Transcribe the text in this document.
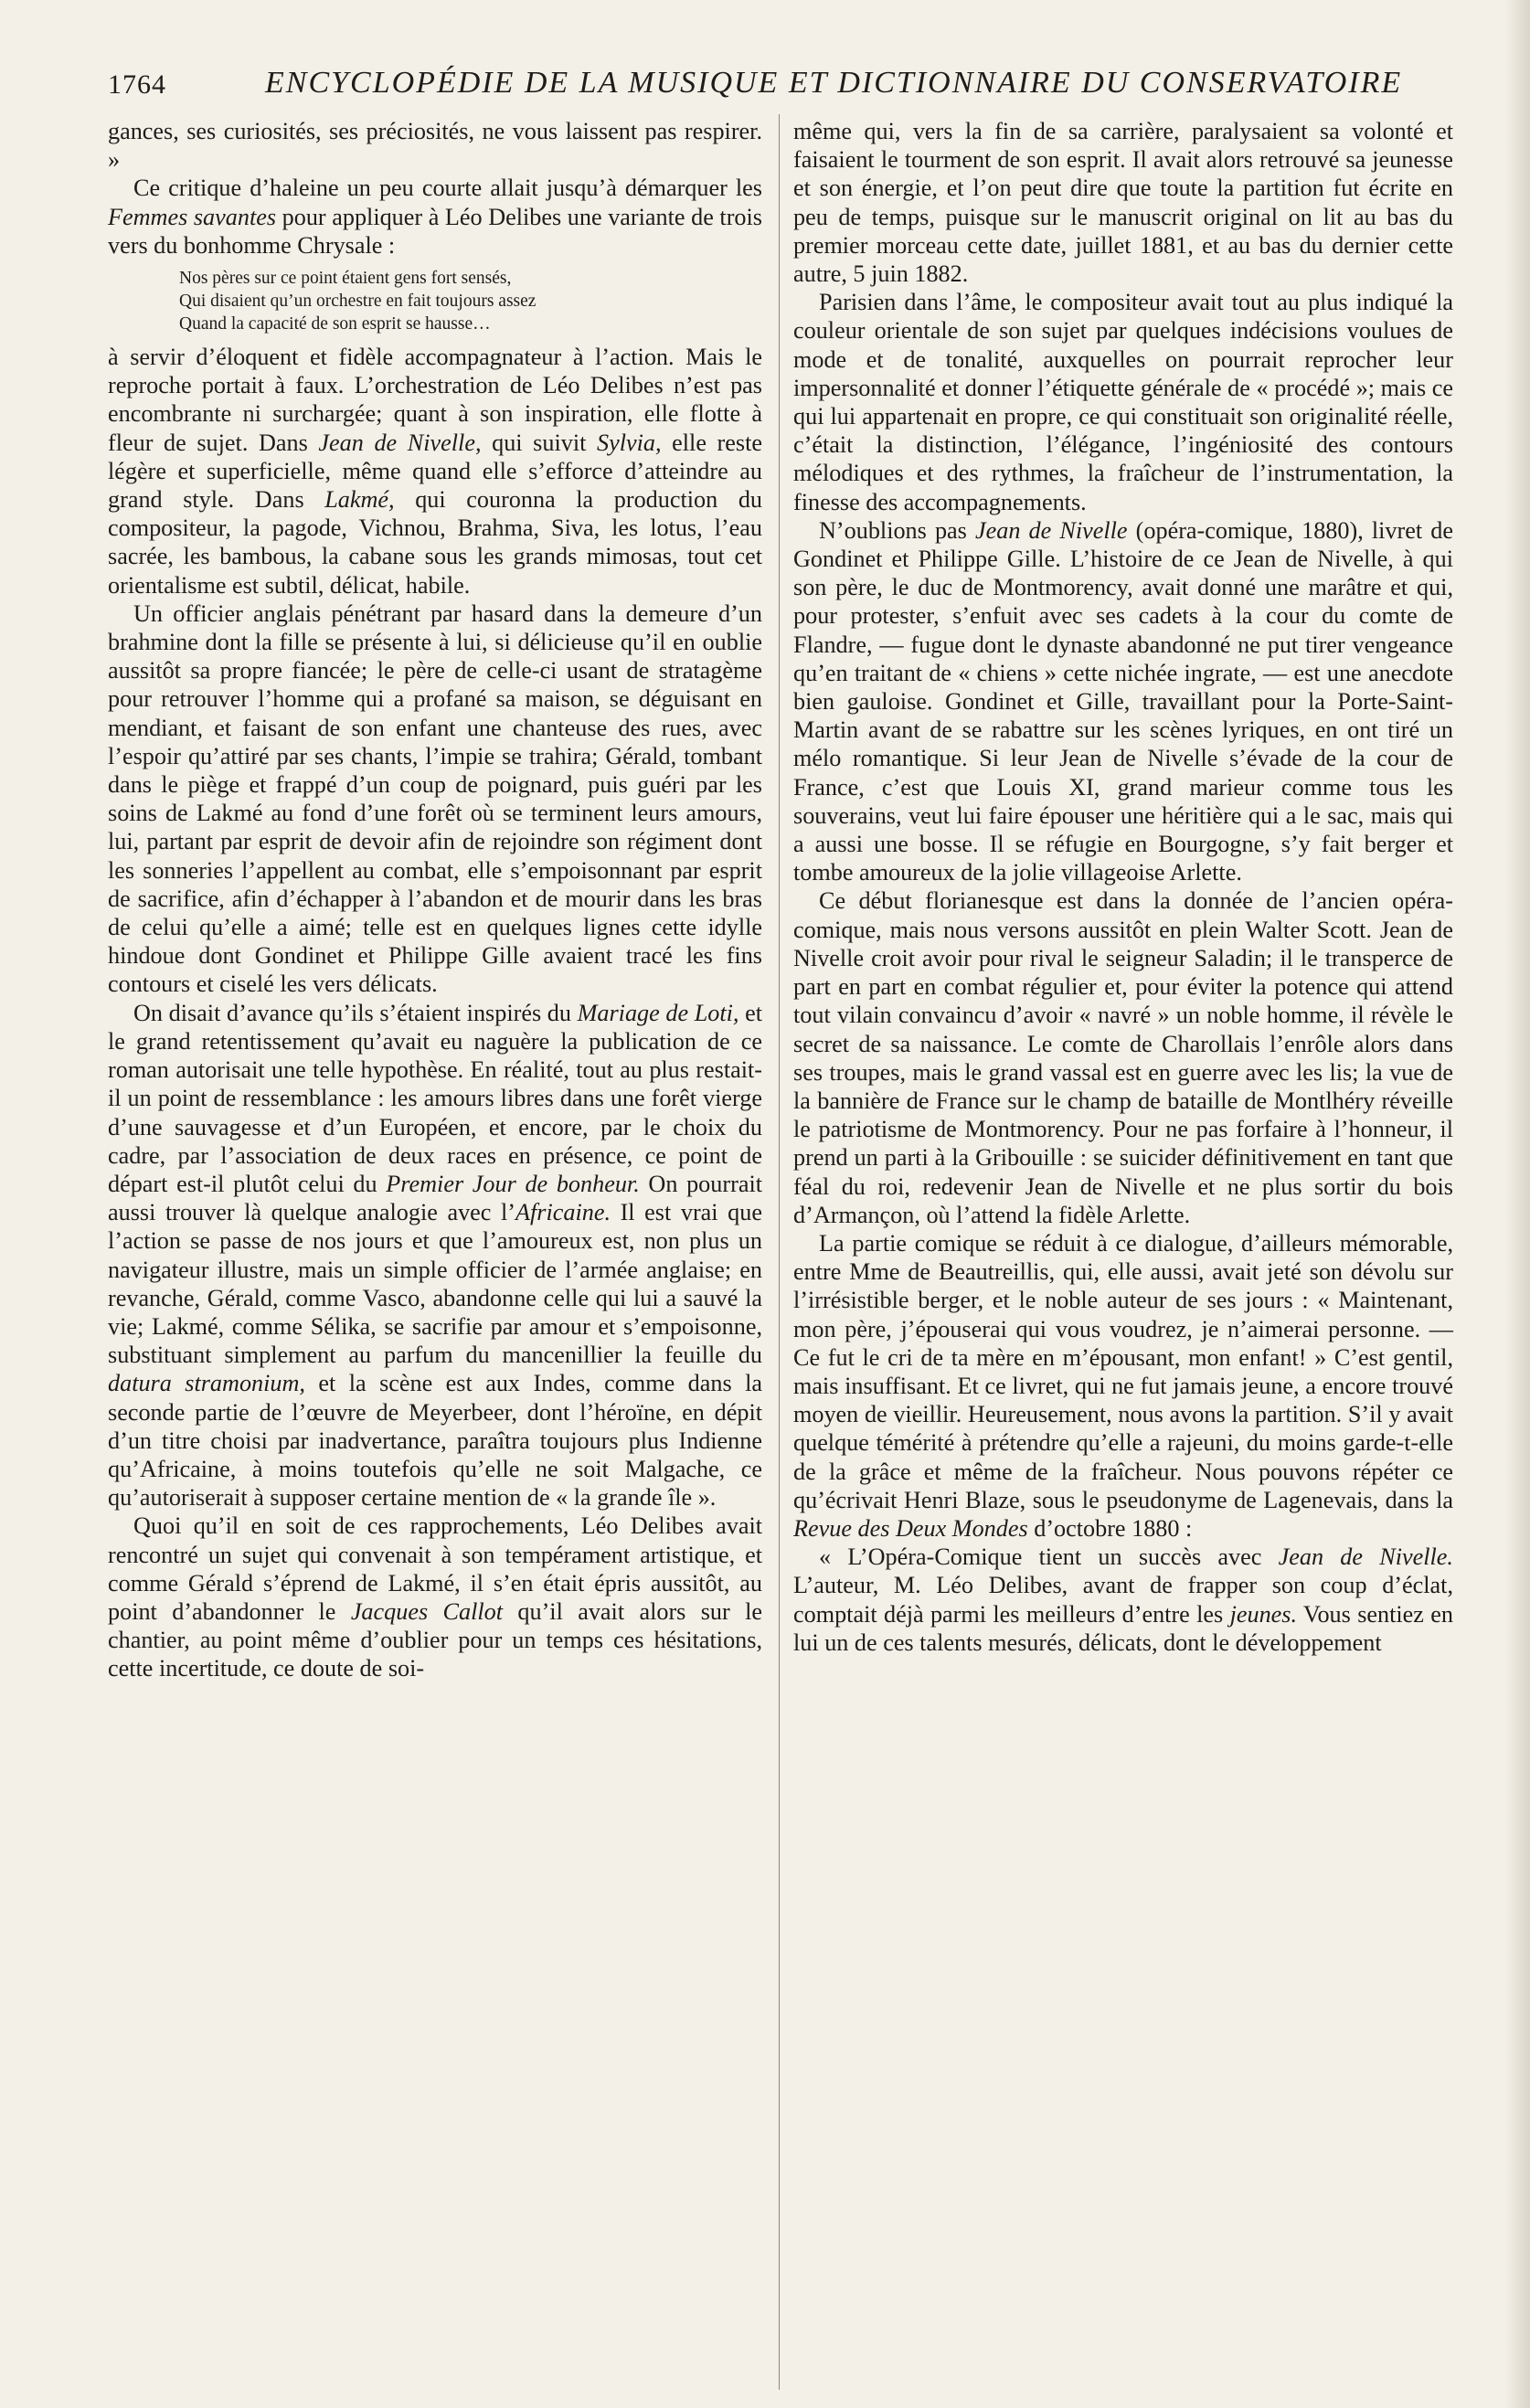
1764	ENCYCLOPÉDIE DE LA MUSIQUE ET DICTIONNAIRE DU CONSERVATOIRE

gances, ses curiosités, ses préciosités, ne vous laissent pas respirer. »

Ce critique d’haleine un peu courte allait jusqu’à démarquer les Femmes savantes pour appliquer à Léo Delibes une variante de trois vers du bonhomme Chrysale :

Nos pères sur ce point étaient gens fort sensés,
Qui disaient qu’un orchestre en fait toujours assez
Quand la capacité de son esprit se hausse…

à servir d’éloquent et fidèle accompagnateur à l’action. Mais le reproche portait à faux. L’orchestration de Léo Delibes n’est pas encombrante ni surchargée; quant à son inspiration, elle flotte à fleur de sujet. Dans Jean de Nivelle, qui suivit Sylvia, elle reste légère et superficielle, même quand elle s’efforce d’atteindre au grand style. Dans Lakmé, qui couronna la production du compositeur, la pagode, Vichnou, Brahma, Siva, les lotus, l’eau sacrée, les bambous, la cabane sous les grands mimosas, tout cet orientalisme est subtil, délicat, habile.

Un officier anglais pénétrant par hasard dans la demeure d’un brahmine dont la fille se présente à lui, si délicieuse qu’il en oublie aussitôt sa propre fiancée; le père de celle-ci usant de stratagème pour retrouver l’homme qui a profané sa maison, se déguisant en mendiant, et faisant de son enfant une chanteuse des rues, avec l’espoir qu’attiré par ses chants, l’impie se trahira; Gérald, tombant dans le piège et frappé d’un coup de poignard, puis guéri par les soins de Lakmé au fond d’une forêt où se terminent leurs amours, lui, partant par esprit de devoir afin de rejoindre son régiment dont les sonneries l’appellent au combat, elle s’empoisonnant par esprit de sacrifice, afin d’échapper à l’abandon et de mourir dans les bras de celui qu’elle a aimé; telle est en quelques lignes cette idylle hindoue dont Gondinet et Philippe Gille avaient tracé les fins contours et ciselé les vers délicats.

On disait d’avance qu’ils s’étaient inspirés du Mariage de Loti, et le grand retentissement qu’avait eu naguère la publication de ce roman autorisait une telle hypothèse. En réalité, tout au plus restait-il un point de ressemblance : les amours libres dans une forêt vierge d’une sauvagesse et d’un Européen, et encore, par le choix du cadre, par l’association de deux races en présence, ce point de départ est-il plutôt celui du Premier Jour de bonheur. On pourrait aussi trouver là quelque analogie avec l’Africaine. Il est vrai que l’action se passe de nos jours et que l’amoureux est, non plus un navigateur illustre, mais un simple officier de l’armée anglaise; en revanche, Gérald, comme Vasco, abandonne celle qui lui a sauvé la vie; Lakmé, comme Sélika, se sacrifie par amour et s’empoisonne, substituant simplement au parfum du mancenillier la feuille du datura stramonium, et la scène est aux Indes, comme dans la seconde partie de l’œuvre de Meyerbeer, dont l’héroïne, en dépit d’un titre choisi par inadvertance, paraîtra toujours plus Indienne qu’Africaine, à moins toutefois qu’elle ne soit Malgache, ce qu’autoriserait à supposer certaine mention de « la grande île ».

Quoi qu’il en soit de ces rapprochements, Léo Delibes avait rencontré un sujet qui convenait à son tempérament artistique, et comme Gérald s’éprend de Lakmé, il s’en était épris aussitôt, au point d’abandonner le Jacques Callot qu’il avait alors sur le chantier, au point même d’oublier pour un temps ces hésitations, cette incertitude, ce doute de soi-

même qui, vers la fin de sa carrière, paralysaient sa volonté et faisaient le tourment de son esprit. Il avait alors retrouvé sa jeunesse et son énergie, et l’on peut dire que toute la partition fut écrite en peu de temps, puisque sur le manuscrit original on lit au bas du premier morceau cette date, juillet 1881, et au bas du dernier cette autre, 5 juin 1882.

Parisien dans l’âme, le compositeur avait tout au plus indiqué la couleur orientale de son sujet par quelques indécisions voulues de mode et de tonalité, auxquelles on pourrait reprocher leur impersonnalité et donner l’étiquette générale de « procédé »; mais ce qui lui appartenait en propre, ce qui constituait son originalité réelle, c’était la distinction, l’élégance, l’ingéniosité des contours mélodiques et des rythmes, la fraîcheur de l’instrumentation, la finesse des accompagnements.

N’oublions pas Jean de Nivelle (opéra-comique, 1880), livret de Gondinet et Philippe Gille. L’histoire de ce Jean de Nivelle, à qui son père, le duc de Montmorency, avait donné une marâtre et qui, pour protester, s’enfuit avec ses cadets à la cour du comte de Flandre, — fugue dont le dynaste abandonné ne put tirer vengeance qu’en traitant de « chiens » cette nichée ingrate, — est une anecdote bien gauloise. Gondinet et Gille, travaillant pour la Porte-Saint-Martin avant de se rabattre sur les scènes lyriques, en ont tiré un mélo romantique. Si leur Jean de Nivelle s’évade de la cour de France, c’est que Louis XI, grand marieur comme tous les souverains, veut lui faire épouser une héritière qui a le sac, mais qui a aussi une bosse. Il se réfugie en Bourgogne, s’y fait berger et tombe amoureux de la jolie villageoise Arlette.

Ce début florianesque est dans la donnée de l’ancien opéra-comique, mais nous versons aussitôt en plein Walter Scott. Jean de Nivelle croit avoir pour rival le seigneur Saladin; il le transperce de part en part en combat régulier et, pour éviter la potence qui attend tout vilain convaincu d’avoir « navré » un noble homme, il révèle le secret de sa naissance. Le comte de Charollais l’enrôle alors dans ses troupes, mais le grand vassal est en guerre avec les lis; la vue de la bannière de France sur le champ de bataille de Montlhéry réveille le patriotisme de Montmorency. Pour ne pas forfaire à l’honneur, il prend un parti à la Gribouille : se suicider définitivement en tant que féal du roi, redevenir Jean de Nivelle et ne plus sortir du bois d’Armançon, où l’attend la fidèle Arlette.

La partie comique se réduit à ce dialogue, d’ailleurs mémorable, entre Mme de Beautreillis, qui, elle aussi, avait jeté son dévolu sur l’irrésistible berger, et le noble auteur de ses jours : « Maintenant, mon père, j’épouserai qui vous voudrez, je n’aimerai personne. — Ce fut le cri de ta mère en m’épousant, mon enfant! » C’est gentil, mais insuffisant. Et ce livret, qui ne fut jamais jeune, a encore trouvé moyen de vieillir. Heureusement, nous avons la partition. S’il y avait quelque témérité à prétendre qu’elle a rajeuni, du moins garde-t-elle de la grâce et même de la fraîcheur. Nous pouvons répéter ce qu’écrivait Henri Blaze, sous le pseudonyme de Lagenevais, dans la Revue des Deux Mondes d’octobre 1880 :

« L’Opéra-Comique tient un succès avec Jean de Nivelle. L’auteur, M. Léo Delibes, avant de frapper son coup d’éclat, comptait déjà parmi les meilleurs d’entre les jeunes. Vous sentiez en lui un de ces talents mesurés, délicats, dont le développement
